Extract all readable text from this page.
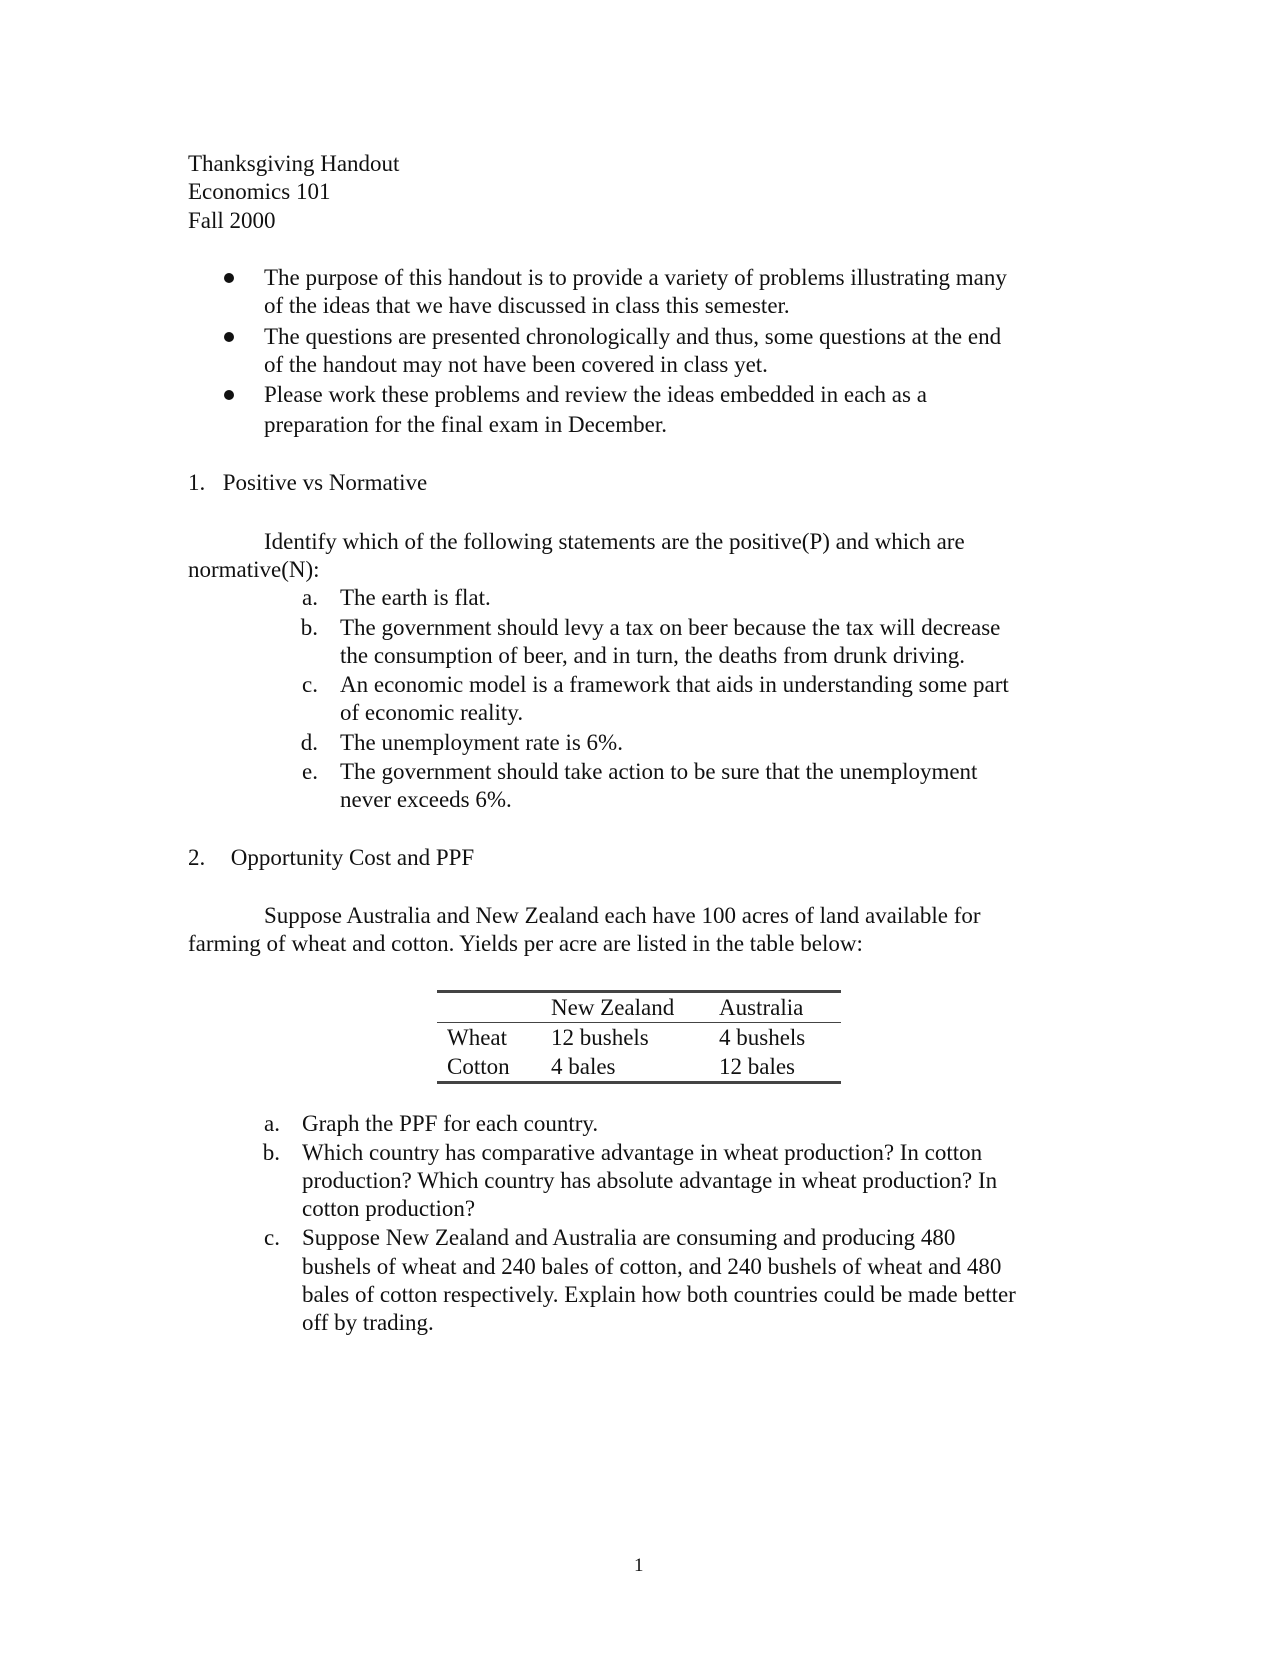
Thanksgiving Handout
Economics 101
Fall 2000
The purpose of this handout is to provide a variety of problems illustrating many
of the ideas that we have discussed in class this semester.
The questions are presented chronologically and thus, some questions at the end
of the handout may not have been covered in class yet.
Please work these problems and review the ideas embedded in each as a
preparation for the final exam in December.
1. Positive vs Normative
Identify which of the following statements are the positive(P) and which are
normative(N):
a. The earth is flat.
b. The government should levy a tax on beer because the tax will decrease
the consumption of beer, and in turn, the deaths from drunk driving.
c. An economic model is a framework that aids in understanding some part
of economic reality.
d. The unemployment rate is 6%.
e. The government should take action to be sure that the unemployment
never exceeds 6%.
2. Opportunity Cost and PPF
Suppose Australia and New Zealand each have 100 acres of land available for
farming of wheat and cotton. Yields per acre are listed in the table below:
	New Zealand	Australia
Wheat	12 bushels	4 bushels
Cotton	4 bales	12 bales
a. Graph the PPF for each country.
b. Which country has comparative advantage in wheat production? In cotton
production? Which country has absolute advantage in wheat production? In
cotton production?
c. Suppose New Zealand and Australia are consuming and producing 480
bushels of wheat and 240 bales of cotton, and 240 bushels of wheat and 480
bales of cotton respectively. Explain how both countries could be made better
off by trading.
1
